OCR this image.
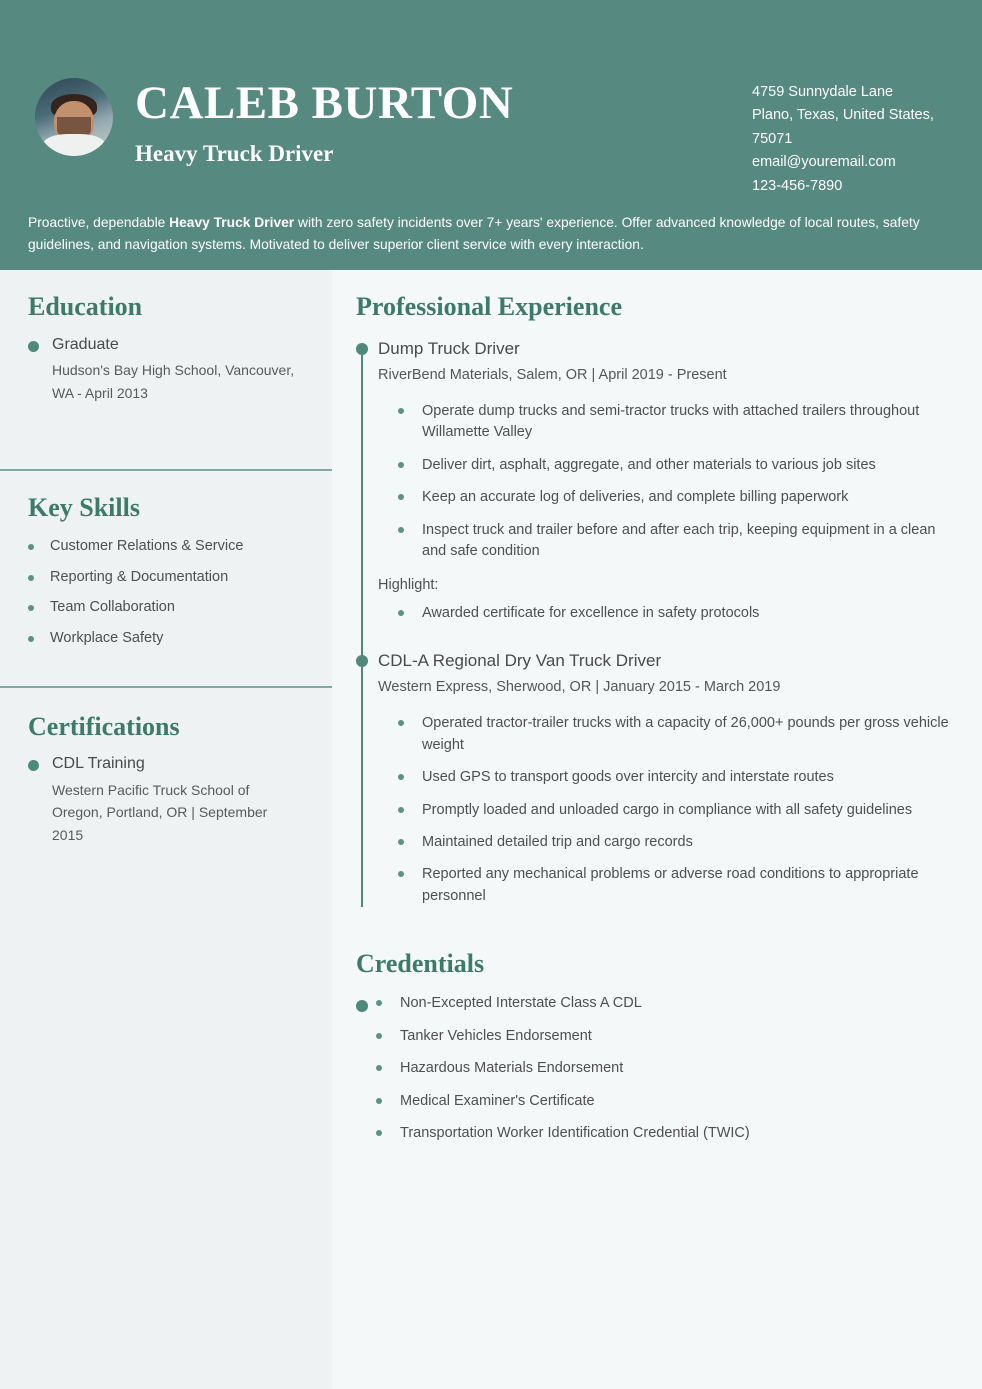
CALEB BURTON
Heavy Truck Driver
4759 Sunnydale Lane
Plano, Texas, United States,
75071
email@youremail.com
123-456-7890
Proactive, dependable Heavy Truck Driver with zero safety incidents over 7+ years' experience. Offer advanced knowledge of local routes, safety guidelines, and navigation systems. Motivated to deliver superior client service with every interaction.
Education
Graduate
Hudson's Bay High School, Vancouver, WA - April 2013
Key Skills
Customer Relations & Service
Reporting & Documentation
Team Collaboration
Workplace Safety
Certifications
CDL Training
Western Pacific Truck School of Oregon, Portland, OR | September 2015
Professional Experience
Dump Truck Driver
RiverBend Materials, Salem, OR | April 2019 - Present
Operate dump trucks and semi-tractor trucks with attached trailers throughout Willamette Valley
Deliver dirt, asphalt, aggregate, and other materials to various job sites
Keep an accurate log of deliveries, and complete billing paperwork
Inspect truck and trailer before and after each trip, keeping equipment in a clean and safe condition
Highlight:
Awarded certificate for excellence in safety protocols
CDL-A Regional Dry Van Truck Driver
Western Express, Sherwood, OR | January 2015 - March 2019
Operated tractor-trailer trucks with a capacity of 26,000+ pounds per gross vehicle weight
Used GPS to transport goods over intercity and interstate routes
Promptly loaded and unloaded cargo in compliance with all safety guidelines
Maintained detailed trip and cargo records
Reported any mechanical problems or adverse road conditions to appropriate personnel
Credentials
Non-Excepted Interstate Class A CDL
Tanker Vehicles Endorsement
Hazardous Materials Endorsement
Medical Examiner's Certificate
Transportation Worker Identification Credential (TWIC)
